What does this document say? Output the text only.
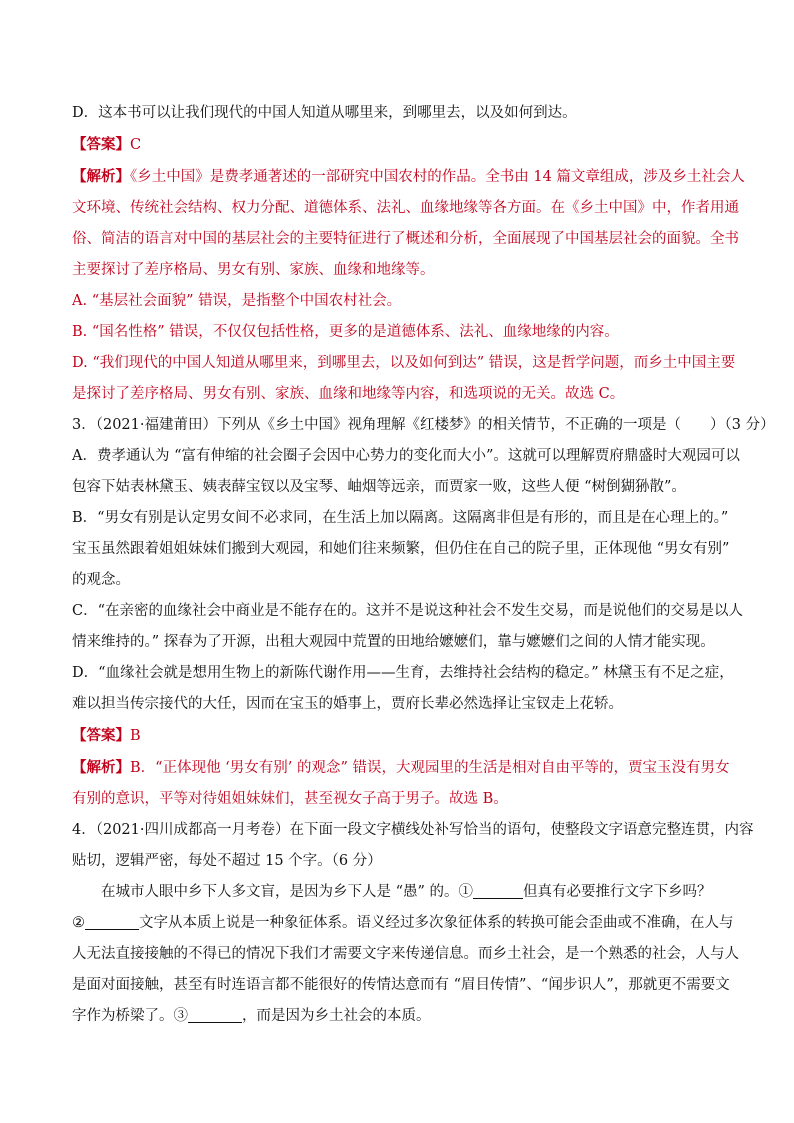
D．这本书可以让我们现代的中国人知道从哪里来，到哪里去，以及如何到达。
【答案】C
【解析】《乡土中国》是费孝通著述的一部研究中国农村的作品。全书由 14 篇文章组成，涉及乡土社会人
文环境、传统社会结构、权力分配、道德体系、法礼、血缘地缘等各方面。在《乡土中国》中，作者用通
俗、简洁的语言对中国的基层社会的主要特征进行了概述和分析，全面展现了中国基层社会的面貌。全书
主要探讨了差序格局、男女有别、家族、血缘和地缘等。
A. “基层社会面貌” 错误，是指整个中国农村社会。
B. “国名性格” 错误，不仅仅包括性格，更多的是道德体系、法礼、血缘地缘的内容。
D. “我们现代的中国人知道从哪里来，到哪里去，以及如何到达” 错误，这是哲学问题，而乡土中国主要
是探讨了差序格局、男女有别、家族、血缘和地缘等内容，和选项说的无关。故选 C。
3．（2021·福建莆田）下列从《乡土中国》视角理解《红楼梦》的相关情节，不正确的一项是（　　）（3 分）
A．费孝通认为 “富有伸缩的社会圈子会因中心势力的变化而大小”。这就可以理解贾府鼎盛时大观园可以
包容下姑表林黛玉、姨表薛宝钗以及宝琴、岫烟等远亲，而贾家一败，这些人便 “树倒猢狲散”。
B．“男女有别是认定男女间不必求同，在生活上加以隔离。这隔离非但是有形的，而且是在心理上的。”
宝玉虽然跟着姐姐妹妹们搬到大观园，和她们往来频繁，但仍住在自己的院子里，正体现他 “男女有别”
的观念。
C．“在亲密的血缘社会中商业是不能存在的。这并不是说这种社会不发生交易，而是说他们的交易是以人
情来维持的。” 探春为了开源，出租大观园中荒置的田地给嬷嬷们，靠与嬷嬷们之间的人情才能实现。
D．“血缘社会就是想用生物上的新陈代谢作用——生育，去维持社会结构的稳定。” 林黛玉有不足之症，
难以担当传宗接代的大任，因而在宝玉的婚事上，贾府长辈必然选择让宝钗走上花轿。
【答案】B
【解析】B．“正体现他 ‘男女有别’ 的观念” 错误，大观园里的生活是相对自由平等的，贾宝玉没有男女
有别的意识，平等对待姐姐妹妹们，甚至视女子高于男子。故选 B。
4．（2021·四川成都高一月考卷）在下面一段文字横线处补写恰当的语句，使整段文字语意完整连贯，内容
贴切，逻辑严密，每处不超过 15 个字。（6 分）
在城市人眼中乡下人多文盲，是因为乡下人是 “愚” 的。①	但真有必要推行文字下乡吗？
②	文字从本质上说是一种象征体系。语义经过多次象征体系的转换可能会歪曲或不准确，在人与
人无法直接接触的不得已的情况下我们才需要文字来传递信息。而乡土社会，是一个熟悉的社会，人与人
是面对面接触，甚至有时连语言都不能很好的传情达意而有 “眉目传情”、“闻步识人”，那就更不需要文
字作为桥梁了。③	，而是因为乡土社会的本质。
